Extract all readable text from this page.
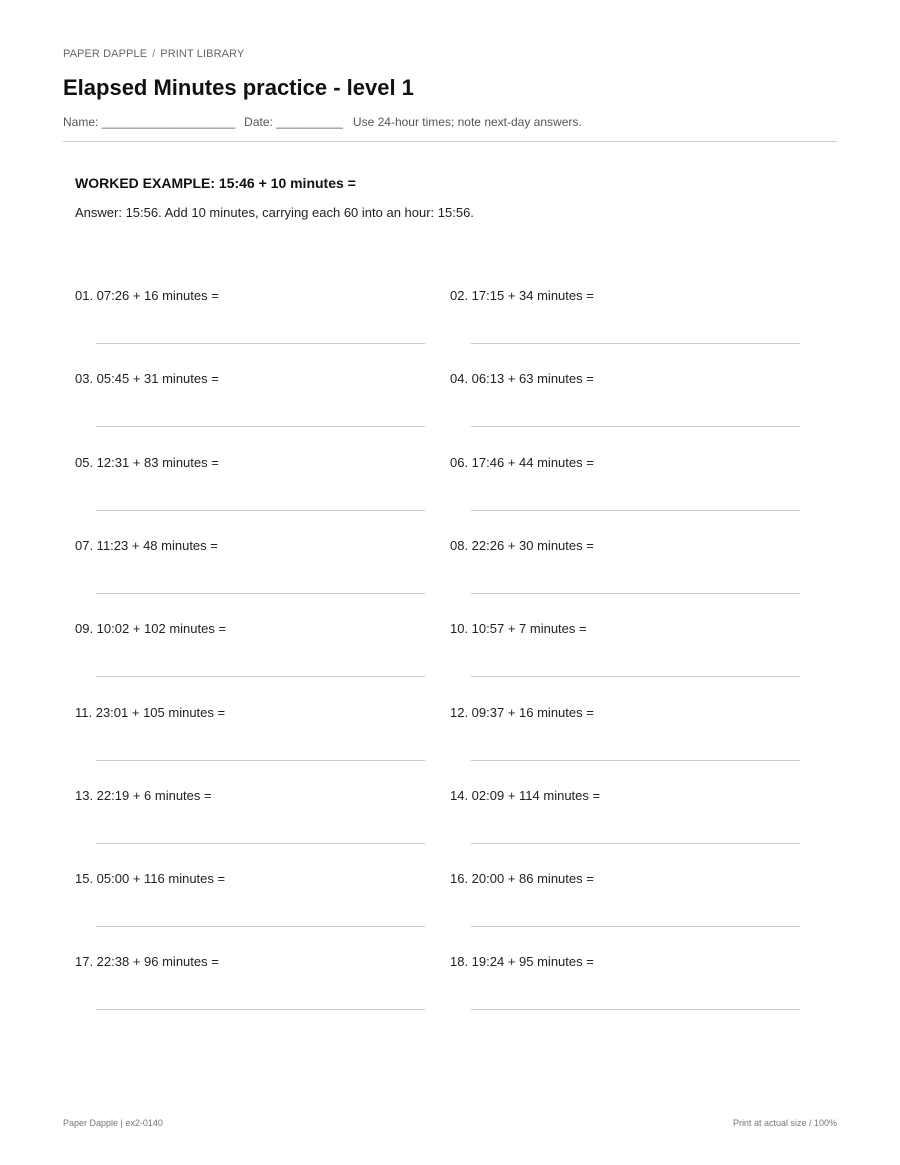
PAPER DAPPLE / PRINT LIBRARY
Elapsed Minutes practice - level 1
Name: ____________________ Date: __________ Use 24-hour times; note next-day answers.
WORKED EXAMPLE: 15:46 + 10 minutes =
Answer: 15:56. Add 10 minutes, carrying each 60 into an hour: 15:56.
01. 07:26 + 16 minutes =	02. 17:15 + 34 minutes =
03. 05:45 + 31 minutes =	04. 06:13 + 63 minutes =
05. 12:31 + 83 minutes =	06. 17:46 + 44 minutes =
07. 11:23 + 48 minutes =	08. 22:26 + 30 minutes =
09. 10:02 + 102 minutes =	10. 10:57 + 7 minutes =
11. 23:01 + 105 minutes =	12. 09:37 + 16 minutes =
13. 22:19 + 6 minutes =	14. 02:09 + 114 minutes =
15. 05:00 + 116 minutes =	16. 20:00 + 86 minutes =
17. 22:38 + 96 minutes =	18. 19:24 + 95 minutes =
Paper Dapple | ex2-0140	Print at actual size / 100%
